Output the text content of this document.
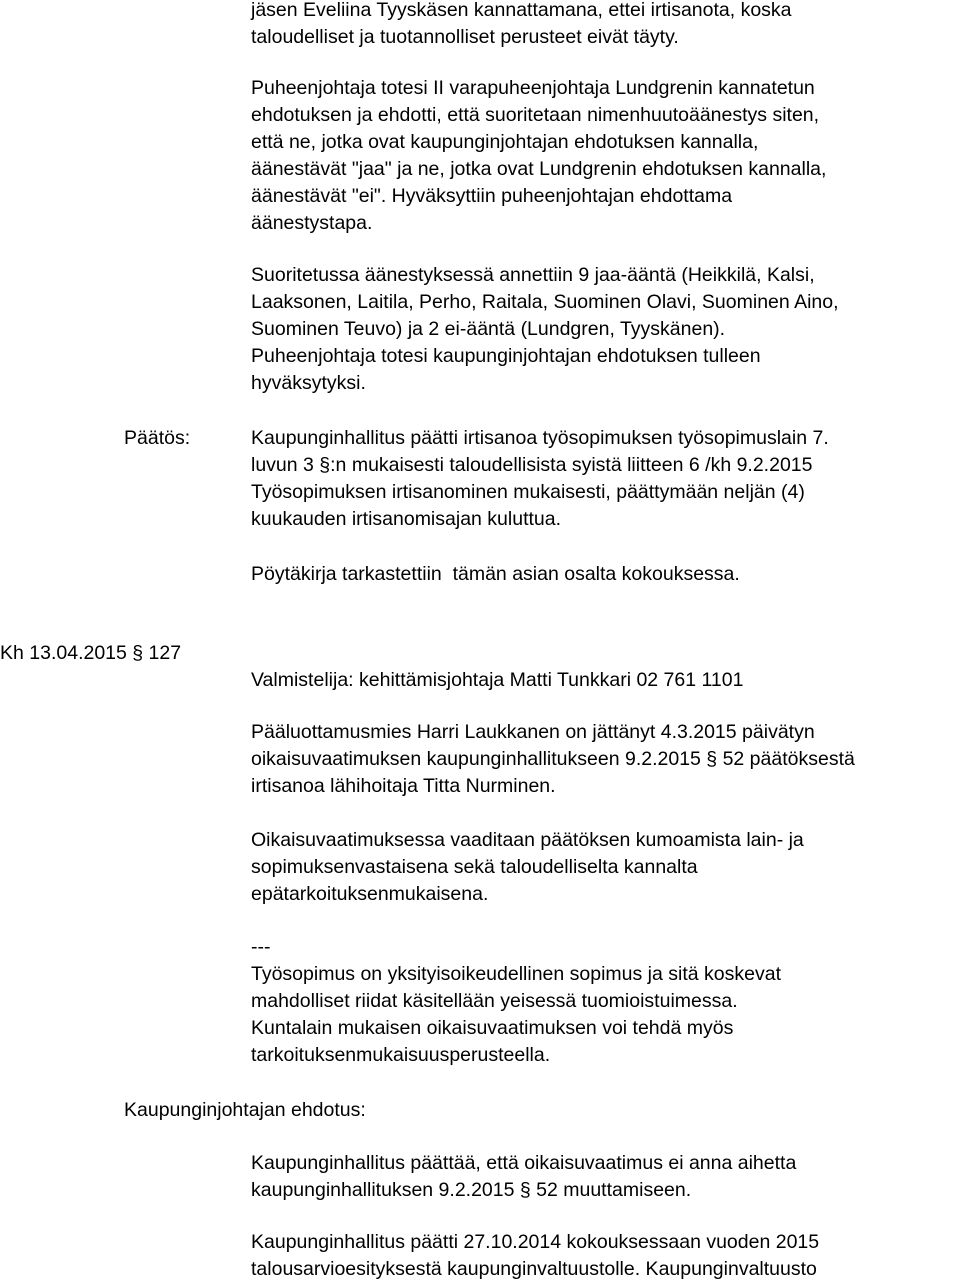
jäsen Eveliina Tyyskäsen kannattamana, ettei irtisanota, koska
taloudelliset ja tuotannolliset perusteet eivät täyty.
Puheenjohtaja totesi II varapuheenjohtaja Lundgrenin kannatetun
ehdotuksen ja ehdotti, että suoritetaan nimenhuutoäänestys siten,
että ne, jotka ovat kaupunginjohtajan ehdotuksen kannalla,
äänestävät "jaa" ja ne, jotka ovat Lundgrenin ehdotuksen kannalla,
äänestävät "ei". Hyväksyttiin puheenjohtajan ehdottama
äänestystapa.
Suoritetussa äänestyksessä annettiin 9 jaa-ääntä (Heikkilä, Kalsi,
Laaksonen, Laitila, Perho, Raitala, Suominen Olavi, Suominen Aino,
Suominen Teuvo) ja 2 ei-ääntä (Lundgren, Tyyskänen).
Puheenjohtaja totesi kaupunginjohtajan ehdotuksen tulleen
hyväksytyksi.
Päätös:	Kaupunginhallitus päätti irtisanoa työsopimuksen työsopimuslain 7.
luvun 3 §:n mukaisesti taloudellisista syistä liitteen 6 /kh 9.2.2015
Työsopimuksen irtisanominen mukaisesti, päättymään neljän (4)
kuukauden irtisanomisajan kuluttua.
Pöytäkirja tarkastettiin  tämän asian osalta kokouksessa.
Kh 13.04.2015 § 127
Valmistelija: kehittämisjohtaja Matti Tunkkari 02 761 1101
Pääluottamusmies Harri Laukkanen on jättänyt 4.3.2015 päivätyn
oikaisuvaatimuksen kaupunginhallitukseen 9.2.2015 § 52 päätöksestä
irtisanoa lähihoitaja Titta Nurminen.
Oikaisuvaatimuksessa vaaditaan päätöksen kumoamista lain- ja
sopimuksenvastaisena sekä taloudelliselta kannalta
epätarkoituksenmukaisena.
---
Työsopimus on yksityisoikeudellinen sopimus ja sitä koskevat
mahdolliset riidat käsitellään yeisessä tuomioistuimessa.
Kuntalain mukaisen oikaisuvaatimuksen voi tehdä myös
tarkoituksenmukaisuusperusteella.
Kaupunginjohtajan ehdotus:
Kaupunginhallitus päättää, että oikaisuvaatimus ei anna aihetta
kaupunginhallituksen 9.2.2015 § 52 muuttamiseen.
Kaupunginhallitus päätti 27.10.2014 kokouksessaan vuoden 2015
talousarvioesityksestä kaupunginvaltuustolle. Kaupunginvaltuusto
